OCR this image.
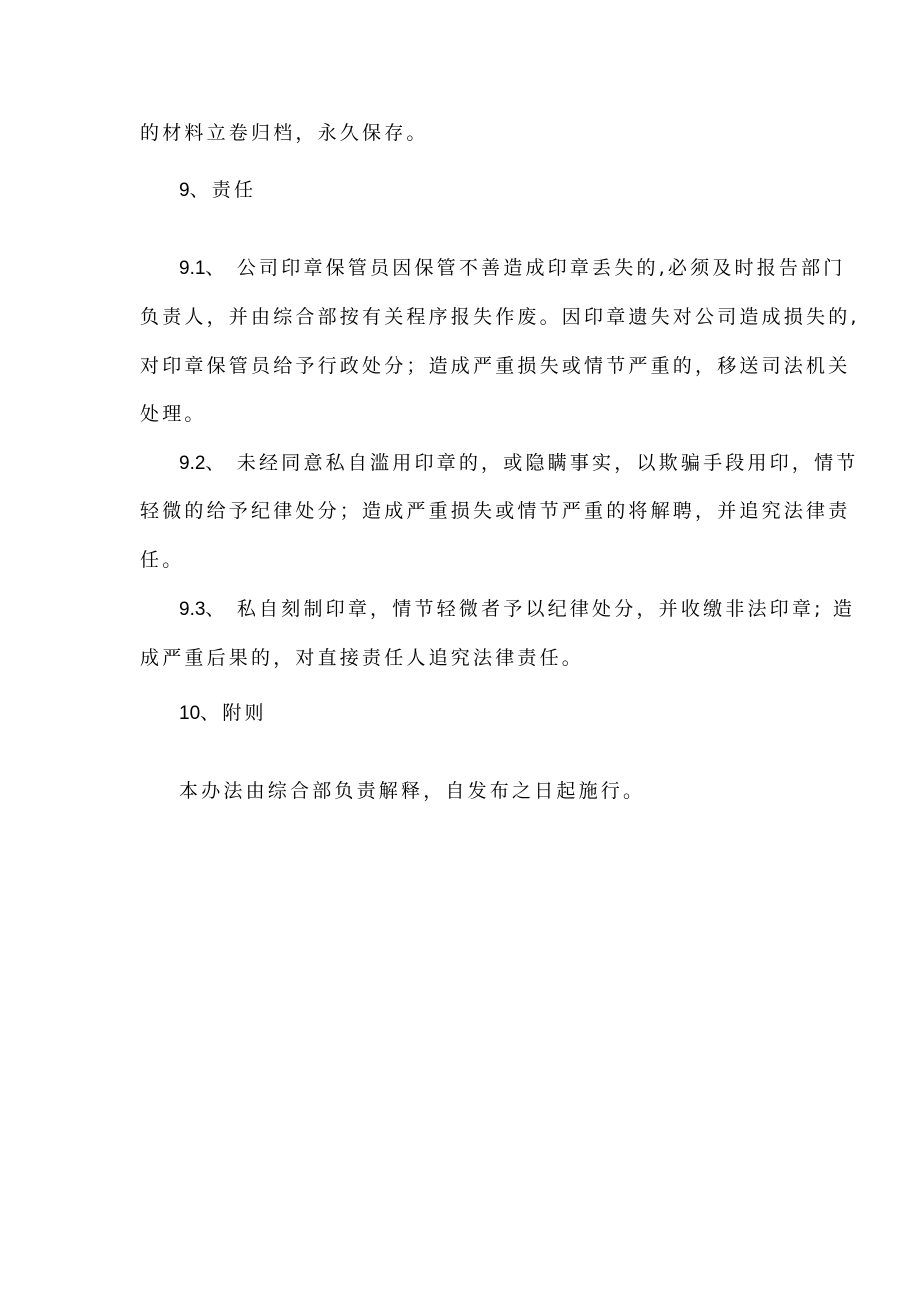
的材料立卷归档，永久保存。
9、责任
9.1、 公司印章保管员因保管不善造成印章丢失的,必须及时报告部门
负责人，并由综合部按有关程序报失作废。因印章遗失对公司造成损失的,
对印章保管员给予行政处分；造成严重损失或情节严重的，移送司法机关
处理。
9.2、 未经同意私自滥用印章的，或隐瞒事实，以欺骗手段用印，情节
轻微的给予纪律处分；造成严重损失或情节严重的将解聘，并追究法律责
任。
9.3、 私自刻制印章，情节轻微者予以纪律处分，并收缴非法印章; 造
成严重后果的，对直接责任人追究法律责任。
10、附则
本办法由综合部负责解释，自发布之日起施行。
